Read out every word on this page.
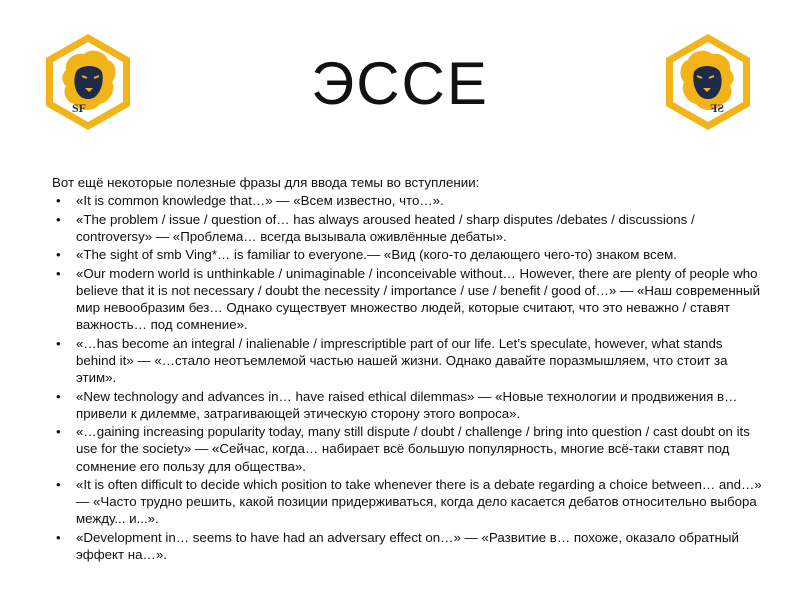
SF	ЭССЕ	SF

Вот ещё некоторые полезные фразы для ввода темы во вступлении:

• «It is common knowledge that…» — «Всем известно, что…».
• «The problem / issue / question of… has always aroused heated / sharp disputes /debates / discussions / controversy» — «Проблема… всегда вызывала оживлённые дебаты».
• «The sight of smb Ving*… is familiar to everyone.— «Вид (кого-то делающего чего-то) знаком всем.
• «Our modern world is unthinkable / unimaginable / inconceivable without… However, there are plenty of people who believe that it is not necessary / doubt the necessity / importance / use / benefit / good of…» — «Наш современный мир невообразим без… Однако существует множество людей, которые считают, что это неважно / ставят важность… под сомнение».
• «…has become an integral / inalienable / imprescriptible part of our life. Let’s speculate, however, what stands behind it» — «…стало неотъемлемой частью нашей жизни. Однако давайте поразмышляем, что стоит за этим».
• «New technology and advances in… have raised ethical dilemmas» — «Новые технологии и продвижения в… привели к дилемме, затрагивающей этическую сторону этого вопроса».
• «…gaining increasing popularity today, many still dispute / doubt / challenge / bring into question / cast doubt on its use for the society» — «Сейчас, когда… набирает всё большую популярность, многие всё-таки ставят под сомнение его пользу для общества».
• «It is often difficult to decide which position to take whenever there is a debate regarding a choice between… and…» — «Часто трудно решить, какой позиции придерживаться, когда дело касается дебатов относительно выбора между... и...».
• «Development in… seems to have had an adversary effect on…» — «Развитие в… похоже, оказало обратный эффект на…».
